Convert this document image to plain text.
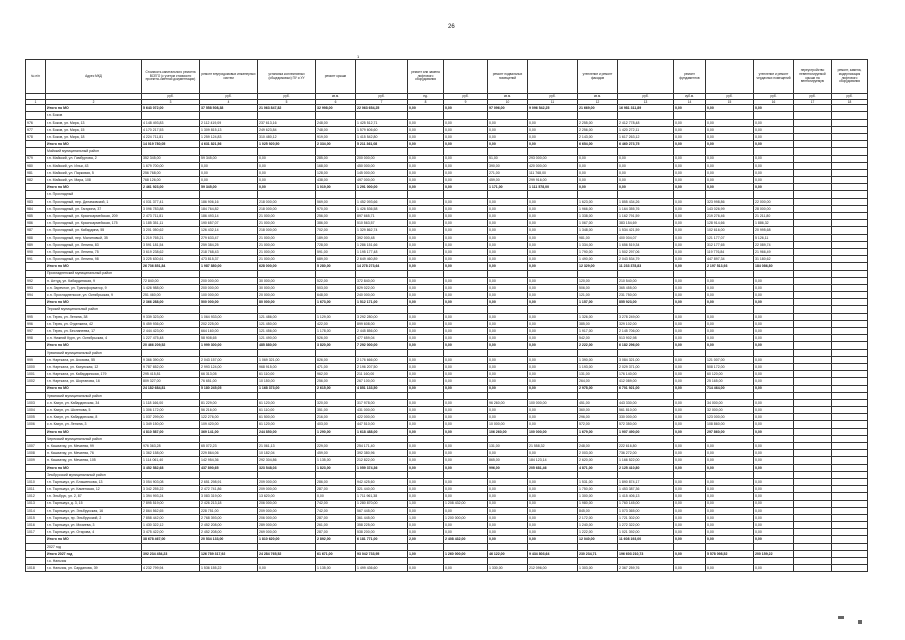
26
1
№ п/п	Адрес МКД	Стоимость капитального ремонта ВСЕГО (с учетом стоимости проектно-сметной документации)	ремонт внутридомовых инженерных систем	установка коллективных (общедомовых) ПУ и УУ	ремонт крыши		ремонт или замена лифтового оборудования		ремонт подвальных помещений		утепление и ремонт фасадов		ремонт фундаментов		утепление и ремонт чердачных помещений	переустройство невентилируемой крыши на вентилируемую	ремонт, замена, модернизация лифтового оборудования
		руб.	руб.	руб.	кв.м.	руб.	ед.	руб.	кв.м.	руб.	кв.м.	руб.	куб.м.	руб.	руб.	руб.	руб.
1	2	3	4	5	6	7	8	9	10	11	12	13	14	15	16	17	18
	Итого по МО	5 643 072,00	37 558 508,38	21 063 847,82	32 998,00	22 063 654,25	0,00	0,00	97 096,00	9 096 542,25	21 669,00	16 981 311,89	0,00	0,00	0,00		
	г.п. Боков																
976	г.п. Боков, ул. Мира, 13	4 148 493,83	2 112 419,09	237 613,16	248,00	1 425 512,71	0,00	0,00	0,00	0,00	2 255,00	2 412 778,48	0,00	0,00	0,00		
977	г.п. Боков, ул. Мира, 15	4 170 217,53	1 309 815,13	249 623,84	748,00	1 579 606,60	0,00	0,00	0,00	0,00	2 256,00	1 420 272,11	0,00	0,00	0,00		
978	г.п. Боков, ул. Мира, 18	4 224 711,81	1 259 124,83	310 480,12	919,00	1 415 542,80	0,00	0,00	0,00	0,00	2 143,00	1 617 263,12	0,00	0,00	0,00		
	Итого по МО	14 019 780,05	4 631 821,56	1 025 920,50	2 334,00	5 211 361,08	0,00	0,00	0,00	0,00	6 654,00	6 460 273,75	0,00	0,00	0,00		
	Майский муниципальный район																
979	г.п. Майский, ул. Гамбургова, 2	352 345,00	59 345,00	0,00	285,00	200 000,00	0,00	0,00	51,00	293 000,00	0,00	0,00	0,00	0,00	0,00		
980	г.п. Майский, ул. Ильи, 43	1 679 700,00	0,00	0,00	168,00	450 000,00	0,00	0,00	390,00	420 000,00	0,00	0,00	0,00	0,00	0,00		
981	г.п. Майский, ул. Парковая, 5	256 768,00	0,00	0,00	128,00	145 000,00	0,00	0,00	271,00	111 768,00	0,00	0,00	0,00	0,00	0,00		
982	г.п. Майский, ул. Мира, 108	768 126,00	0,00	0,00	438,00	497 000,00	0,00	0,00	459,00	299 916,00	0,00	0,00	0,00	0,00	0,00		
	Итого по МО	2 461 923,00	59 345,00	0,00	1 019,00	1 291 000,00	0,00	0,00	1 171,00	1 111 578,00	0,00	0,00	0,00	0,00	0,00		
	г.п. Прохладный																
983	г.п. Прохладный, пер. Динамовский, 1	4 031 377,41	186 906,16	218 000,00	569,00	1 452 093,66	0,00	0,00	0,00	0,00	1 623,00	1 855 434,26	0,00	323 998,86	22 000,00		
984	г.п. Прохладный, ул. Гагарина, 37	3 096 783,88	184 764,82	218 000,00	970,00	1 426 536,58	0,00	0,00	0,00	0,00	1 966,00	1 164 355,76	0,00	143 026,99	28 000,00		
985	г.п. Прохладный, ул. Красноармейская, 209	2 473 711,81	186 493,14	21 000,00	256,00	897 665,71	0,00	0,00	0,00	0,00	1 338,00	1 162 791,59	0,00	219 276,46	21 211,80		
986	г.п. Прохладный, ул. Красноармейская, 175	1 185 351,11	190 657,07	21 000,00	386,00	510 563,57	0,00	0,00	0,00	0,00	1 067,00	383 154,69	0,00	128 914,66	1 886,32		
987	г.п. Прохладный, ул. Кабардина, 55	3 201 050,62	126 432,14	218 000,00	702,00	1 329 862,74	0,00	0,00	0,00	0,00	1 348,00	1 534 421,59	0,00	102 616,00	20 995,68		
988	г.п. Прохладный, пер. Малиновый, 35	1 219 765,21	279 633,47	21 000,00	189,00	392 000,48	0,00	0,00	0,00	0,00	981,00	400 004,07	0,00	121 177,07	5 126,11		
989	г.п. Прохладный, ул. Ленина, 83	3 591 181,54	259 384,25	21 000,00	728,00	1 286 151,66	0,00	0,00	0,00	0,00	1 334,00	1 656 519,34	0,00	312 177,65	22 089,74		
990	г.п. Прохладный, ул. Ленина, 75	3 619 238,62	218 768,43	21 000,00	591,00	1 195 177,48	0,00	0,00	0,00	0,00	1 790,00	1 502 297,06	0,00	119 776,84	21 966,49		
991	г.п. Прохладный, ул. Ленина, 98	3 225 630,61	473 815,37	21 000,00	689,00	2 649 460,89	0,00	0,00	0,00	0,00	1 490,00	2 043 534,79	0,00	447 897,34	31 180,62		
	Итого по МО	26 736 851,84	1 987 880,00	628 000,00	5 280,00	14 278 273,64	0,00	0,00	0,00	0,00	12 329,00	11 233 378,83	0,00	2 197 513,93	184 086,80		
	Прохладненский муниципальный район																
992	п. Алтуд, ул. Кабардинская, 9	72 840,00	200 000,00	30 000,00	522,00	372 840,00	0,00	0,00	0,00	0,00	120,00	210 540,00	0,00	0,00	0,00		
993	с.п. Заречное, ул. Трансформатор, 9	1 426 988,00	200 000,00	30 000,00	503,00	829 022,00	0,00	0,00	0,00	0,00	506,00	365 455,00	0,00	0,00	0,00		
994	с.п. Прохладненское, ул. Октябрьская, 9	251 460,00	100 000,00	20 000,00	648,00	240 000,00	0,00	0,00	0,00	0,00	121,00	231 750,00	0,00	0,00	0,00		
	Итого по МО	2 366 288,00	500 000,00	80 000,00	1 673,00	1 512 171,00	0,00	0,00	0,00	0,00	1 157,00	855 923,00	0,00	0,00	0,00		
	Терский муниципальный район																
995	г.п. Терек, ул. Ленина, 38	9 339 323,00	1 064 933,00	121 486,00	1 129,00	3 292 280,00	0,00	0,00	0,00	0,00	1 326,00	3 278 249,00	0,00	0,00	0,00		
996	г.п. Терек, ул. Отделкина, 42	5 459 936,00	202 225,00	121 450,00	422,00	899 608,00	0,00	0,00	0,00	0,00	385,00	329 102,00	0,00	0,00	0,00		
997	г.п. Терек, ул. Бесланеева, 17	2 444 423,00	664 160,00	121 456,00	1 178,00	2 445 856,00	0,00	0,00	0,00	0,00	1 917,00	2 145 706,00	0,00	0,00	0,00		
998	с.п. Нижний Курп, ул. Октябрьская, 4	1 227 475,48	58 908,65	121 490,00	526,00	477 659,04	0,00	0,00	0,00	0,00	542,00	513 902,98	0,00	0,00	0,00		
	Итого по МО	20 466 209,52	1 999 300,00	485 880,00	3 820,00	7 292 000,00	0,00	0,00	0,00	0,00	2 222,00	6 182 296,00	0,00	0,00	0,00		
	Урванский муниципальный район																
999	г.п. Нарткала, ул. Ахохова, 55	9 366 390,00	2 043 157,00	1 069 321,00	826,00	2 176 666,00	0,00	0,00	0,00	0,00	1 390,00	3 084 321,00	0,00	121 007,00	0,00		
1000	г.п. Нарткала, ул. Кахунская, 12	9 787 652,00	2 993 124,00	968 915,00	471,00	2 196 207,50	0,00	0,00	0,00	0,00	1 193,00	2 029 371,00	0,00	508 172,00	0,00		
1001	г.п. Нарткала, ул. Кабардинская, 179	295 415,81	66 313,05	61 110,00	962,00	211 160,00	0,00	0,00	0,00	0,00	131,00	176 140,00	0,00	60 120,00	0,00		
1002	г.п. Нарткала, ул. Шортанова, 16	809 327,00	76 651,00	10 150,00	256,00	267 100,00	0,00	0,00	0,00	0,00	264,00	412 089,00	0,00	25 165,00	0,00		
	Итого по МО	24 182 684,81	5 180 245,05	1 168 373,00	2 615,00	4 851 133,50	0,00	0,00	0,00	0,00	2 978,00	6 701 921,00	0,00	714 464,00	0,00		
	Урванский муниципальный район																
1003	с.п. Кахун, ул. Кабардинская, 34	1 118 166,00	81 229,00	61 120,00	320,00	317 978,00	0,00	0,00	96 260,00	100 000,00	451,00	443 330,00	0,00	34 000,00	0,00		
1004	с.п. Кахун, ул. Шогенова, 5	1 306 172,00	56 216,00	61 110,00	351,00	431 000,00	0,00	0,00	0,00	0,00	360,00	561 810,00	0,00	32 000,00	0,00		
1005	с.п. Кахун, ул. Кабардинская, 8	1 037 299,00	122 276,00	61 500,00	216,00	422 000,00	0,00	0,00	0,00	0,00	296,00	330 000,00	0,00	123 000,00	0,00		
1006	с.п. Кахун, ул. Ленина, 3	1 349 150,00	109 420,00	61 120,00	403,00	447 510,00	0,00	0,00	10 000,00	0,00	572,00	572 350,00	0,00	108 860,00	0,00		
	Итого по МО	4 810 587,00	369 141,00	244 850,00	1 290,00	1 618 488,00	0,00	0,00	106 260,00	100 000,00	1 679,00	1 907 490,00	0,00	297 860,00	0,00		
	Черекский муниципальный район																
1007	п. Кашхатау, ул. Мечиева, 99	976 363,28	65 072,23	21 061,13	229,00	254 171,40	0,00	0,00	131,00	21 558,32	248,00	222 616,80	0,00	0,00	0,00		
1008	п. Кашхатау, ул. Мечиева, 76	1 362 158,00	229 864,06	10 182,04	459,00	392 380,96	0,00	0,00	0,00	0,00	2 003,00	736 272,00	0,00	0,00	0,00		
1009	п. Кашхатау, ул. Мечиева, 105	1 114 061,40	142 954,36	292 304,86	1 135,00	212 822,00	0,00	0,00	865,00	184 123,14	2 620,00	1 166 522,00	0,00	0,00	0,00		
	Итого по МО	3 452 582,68	437 890,65	323 548,03	1 823,00	1 059 374,36	0,00	0,00	996,00	205 681,46	4 871,00	2 125 410,80	0,00	0,00	0,00		
	Эльбрусский муниципальный район																
1010	г.п. Тырныауз, ул. Блашенкова, 13	3 054 903,08	2 651 298,91	209 000,00	286,00	942 425,60	0,00	0,00	0,00	0,00	1 531,00	1 890 874,17	0,00	0,00	0,00		
1011	г.п. Тырныауз, ул. Каменская, 12	3 342 255,22	2 472 741,86	209 000,00	287,00	321 440,00	0,00	0,00	0,00	0,00	1 750,00	1 453 387,36	0,00	0,00	0,00		
1012	г.п. Эльбрус, ул. 2, 87	1 394 993,24	3 083 319,00	13 620,00	0,00	1 711 961,38	0,00	0,00	0,00	0,00	1 300,00	1 415 406,13	0,00	0,00	0,00		
1013	г.п. Тырныауз, д. 3, 15	7 895 519,00	2 426 213,18	206 000,00	742,00	1 280 870,00	1,00	1 208 432,00	0,00	0,00	1 980,00	1 760 145,00	0,00	0,00	0,00		
1014	г.п. Тырныауз, ул. Эльбрусская, 16	2 864 562,65	228 751,00	209 000,00	742,00	567 445,00	0,00	0,00	0,00	0,00	845,00	1 073 365,00	0,00	0,00	0,00		
1015	г.п. Тырныауз, пр. Эльбрусский, 2	7 858 442,00	2 768 393,00	206 000,00	287,00	361 445,00	1,00	1 200 000,00	0,00	0,00	2 172,00	1 721 302,00	0,00	0,00	0,00		
1016	г.п. Тырныауз, ул. Мизиева, 3	1 430 322,12	2 452 208,00	289 000,00	261,00	358 225,00	0,00	0,00	0,00	0,00	1 240,00	1 272 322,00	0,00	0,00	0,00		
1017	г.п. Тырныауз, ул. Отарова, 4	3 475 422,00	2 452 208,00	269 000,00	287,00	538 200,00	0,00	0,00	0,00	0,00	1 222,00	1 021 392,00	0,00	0,00	0,00		
	Итого по МО	38 678 467,00	20 534 133,00	1 810 620,00	2 892,00	6 181 771,00	2,00	2 408 432,00	0,00	0,00	12 040,00	11 608 193,00	0,00	0,00	0,00		
	2027 год																
	Итого 2027 год	392 234 454,23	126 789 317,92	24 284 765,52	61 671,00	93 042 733,95	1,00	1 260 000,00	46 122,00	9 434 803,64	230 234,71	196 603 210,73	0,00	5 578 098,52	200 159,22		
	г.о. Нальчик																
1018	г.о. Нальчик, ул. Сарданова, 39	4 232 799,94	1 536 155,22	0,00	1 135,00	1 499 436,60	0,00	0,00	1 330,00	212 096,00	1 303,00	2 367 259,76	0,00	0,00	0,00		
